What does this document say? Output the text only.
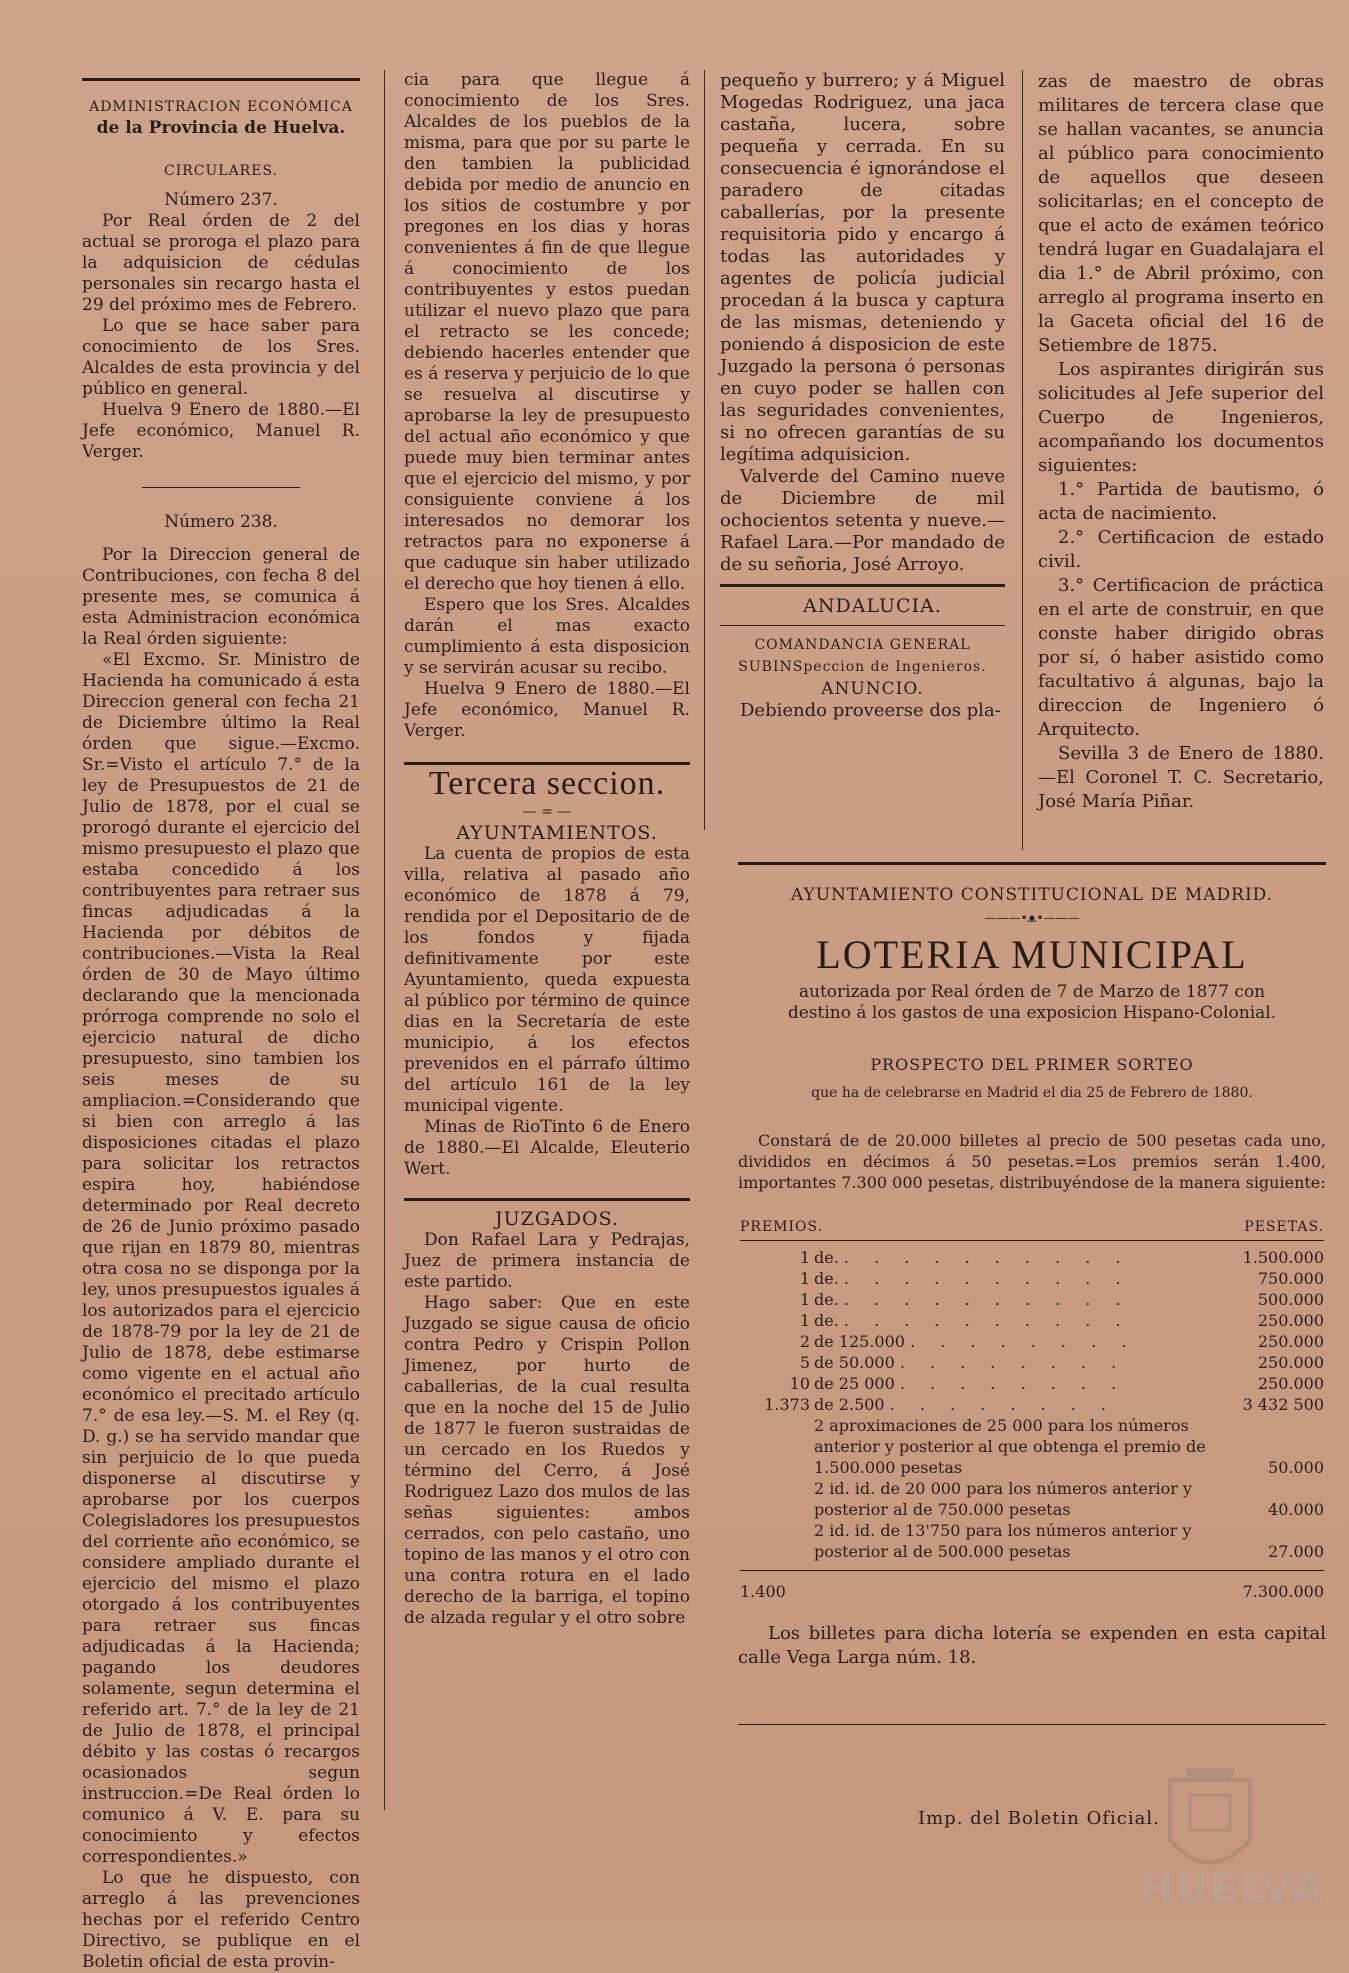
ADMINISTRACION ECONÓMICA

de la Provincia de Huelva.

CIRCULARES.

Número 237.

Por Real órden de 2 del actual se proroga el plazo para la adquisicion de cédulas personales sin recargo hasta el 29 del próximo mes de Febrero.

Lo que se hace saber para conocimiento de los Sres. Alcaldes de esta provincia y del público en general.

Huelva 9 Enero de 1880.—El Jefe económico, Manuel R. Verger.

Número 238.

Por la Direccion general de Contribuciones, con fecha 8 del presente mes, se comunica á esta Administracion económica la Real órden siguiente:

«El Excmo. Sr. Ministro de Hacienda ha comunicado á esta Direccion general con fecha 21 de Diciembre último la Real órden que sigue.—Excmo. Sr.=Visto el artículo 7.° de la ley de Presupuestos de 21 de Julio de 1878, por el cual se prorogó durante el ejercicio del mismo presupuesto el plazo que estaba concedido á los contribuyentes para retraer sus fincas adjudicadas á la Hacienda por débitos de contribuciones.—Vista la Real órden de 30 de Mayo último declarando que la mencionada prórroga comprende no solo el ejercicio natural de dicho presupuesto, sino tambien los seis meses de su ampliacion.=Considerando que si bien con arreglo á las disposiciones citadas el plazo para solicitar los retractos espira hoy, habiéndose determinado por Real decreto de 26 de Junio próximo pasado que rijan en 1879 80, mientras otra cosa no se disponga por la ley, unos presupuestos iguales á los autorizados para el ejercicio de 1878-79 por la ley de 21 de Julio de 1878, debe estimarse como vigente en el actual año económico el precitado artículo 7.° de esa ley.—S. M. el Rey (q. D. g.) se ha servido mandar que sin perjuicio de lo que pueda disponerse al discutirse y aprobarse por los cuerpos Colegisladores los presupuestos del corriente año económico, se considere ampliado durante el ejercicio del mismo el plazo otorgado á los contribuyentes para retraer sus fincas adjudicadas á la Hacienda; pagando los deudores solamente, segun determina el referido art. 7.° de la ley de 21 de Julio de 1878, el principal débito y las costas ó recargos ocasionados segun instruccion.=De Real órden lo comunico á V. E. para su conocimiento y efectos correspondientes.»

Lo que he dispuesto, con arreglo á las prevenciones hechas por el referido Centro Directivo, se publique en el Boletin oficial de esta provin-

cia para que llegue á conocimiento de los Sres. Alcaldes de los pueblos de la misma, para que por su parte le den tambien la publicidad debida por medio de anuncio en los sitios de costumbre y por pregones en los dias y horas convenientes á fin de que llegue á conocimiento de los contribuyentes y estos puedan utilizar el nuevo plazo que para el retracto se les concede; debiendo hacerles entender que es á reserva y perjuicio de lo que se resuelva al discutirse y aprobarse la ley de presupuesto del actual año económico y que puede muy bien terminar antes que el ejercicio del mismo, y por consiguiente conviene á los interesados no demorar los retractos para no exponerse á que caduque sin haber utilizado el derecho que hoy tienen á ello.

Espero que los Sres. Alcaldes darán el mas exacto cumplimiento á esta disposicion y se servirán acusar su recibo.

Huelva 9 Enero de 1880.—El Jefe económico, Manuel R. Verger.

Tercera seccion.
— = —

AYUNTAMIENTOS.

La cuenta de propios de esta villa, relativa al pasado año económico de 1878 á 79, rendida por el Depositario de de los fondos y fijada definitivamente por este Ayuntamiento, queda expuesta al público por término de quince dias en la Secretaría de este municipio, á los efectos prevenidos en el párrafo último del artículo 161 de la ley municipal vigente.

Minas de RioTinto 6 de Enero de 1880.—El Alcalde, Eleuterio Wert.

JUZGADOS.

Don Rafael Lara y Pedrajas, Juez de primera instancia de este partido.

Hago saber: Que en este Juzgado se sigue causa de oficio contra Pedro y Crispin Pollon Jimenez, por hurto de caballerias, de la cual resulta que en la noche del 15 de Julio de 1877 le fueron sustraidas de un cercado en los Ruedos y término del Cerro, á José Rodriguez Lazo dos mulos de las señas siguientes: ambos cerrados, con pelo castaño, uno topino de las manos y el otro con una contra rotura en el lado derecho de la barriga, el topino de alzada regular y el otro sobre

pequeño y burrero; y á Miguel Mogedas Rodriguez, una jaca castaña, lucera, sobre pequeña y cerrada. En su consecuencia é ignorándose el paradero de citadas caballerías, por la presente requisitoria pido y encargo á todas las autoridades y agentes de policía judicial procedan á la busca y captura de las mismas, deteniendo y poniendo á disposicion de este Juzgado la persona ó personas en cuyo poder se hallen con las seguridades convenientes, si no ofrecen garantías de su legítima adquisicion.

Valverde del Camino nueve de Diciembre de mil ochocientos setenta y nueve.—Rafael Lara.—Por mandado de de su señoria, José Arroyo.

ANDALUCIA.

COMANDANCIA GENERAL SUBINSpeccion de Ingenieros.

ANUNCIO.

Debiendo proveerse dos pla-

zas de maestro de obras militares de tercera clase que se hallan vacantes, se anuncia al público para conocimiento de aquellos que deseen solicitarlas; en el concepto de que el acto de exámen teórico tendrá lugar en Guadalajara el dia 1.° de Abril próximo, con arreglo al programa inserto en la Gaceta oficial del 16 de Setiembre de 1875.

Los aspirantes dirigirán sus solicitudes al Jefe superior del Cuerpo de Ingenieros, acompañando los documentos siguientes:

1.° Partida de bautismo, ó acta de nacimiento.

2.° Certificacion de estado civil.

3.° Certificacion de práctica en el arte de construir, en que conste haber dirigido obras por sí, ó haber asistido como facultativo á algunas, bajo la direccion de Ingeniero ó Arquitecto.

Sevilla 3 de Enero de 1880.—El Coronel T. C. Secretario, José María Piñar.

AYUNTAMIENTO CONSTITUCIONAL DE MADRID.
———•ᴥ•———
LOTERIA MUNICIPAL

autorizada por Real órden de 7 de Marzo de 1877 con destino á los gastos de una exposicion Hispano-Colonial.

PROSPECTO DEL PRIMER SORTEO

que ha de celebrarse en Madrid el dia 25 de Febrero de 1880.

Constará de de 20.000 billetes al precio de 500 pesetas cada uno, divididos en décimos á 50 pesetas.=Los premios serán 1.400, importantes 7.300 000 pesetas, distribuyéndose de la manera siguiente:

PREMIOS.		PESETAS.

1	de. . . . . . . . . . .	1.500.000
1	de. . . . . . . . . . .	750.000
1	de. . . . . . . . . . .	500.000
1	de. . . . . . . . . . .	250.000
2	de 125.000 . . . . . . . .	250.000
5	de 50.000 . . . . . . . .	250.000
10	de 25 000 . . . . . . . .	250.000
1.373	de 2.500 . . . . . . . .	3 432 500
	2 aproximaciones de 25 000 para los números anterior y posterior al que obtenga el premio de 1.500.000 pesetas	50.000
	2 id. id. de 20 000 para los números anterior y posterior al de 750.000 pesetas	40.000
	2 id. id. de 13'750 para los números anterior y posterior al de 500.000 pesetas	27.000

1.400		7.300.000

Los billetes para dicha lotería se expenden en esta capital calle Vega Larga núm. 18.

Imp. del Boletin Oficial.
HUELVA
